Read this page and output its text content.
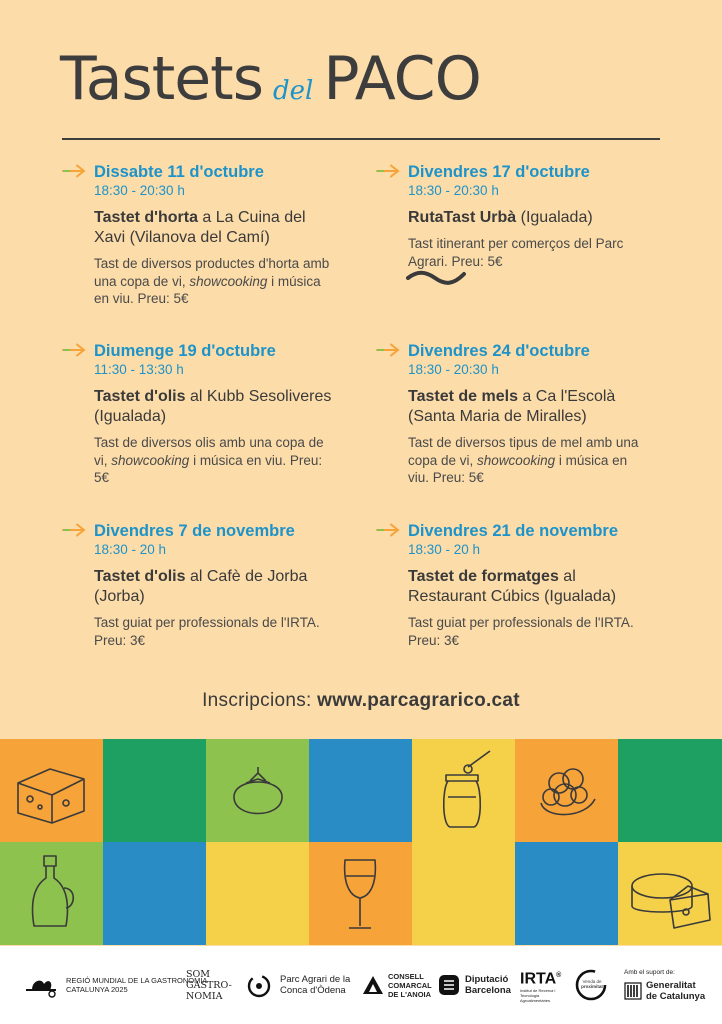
Tastets del PACO
Dissabte 11 d'octubre
18:30 - 20:30 h
Tastet d'horta a La Cuina del Xavi (Vilanova del Camí)
Tast de diversos productes d'horta amb una copa de vi, showcooking i música en viu. Preu: 5€
Divendres 17 d'octubre
18:30 - 20:30 h
RutaTast Urbà (Igualada)
Tast itinerant per comerços del Parc Agrari. Preu: 5€
Diumenge 19 d'octubre
11:30 - 13:30 h
Tastet d'olis al Kubb Sesoliveres (Igualada)
Tast de diversos olis amb una copa de vi, showcooking i música en viu. Preu: 5€
Divendres 24 d'octubre
18:30 - 20:30 h
Tastet de mels a Ca l'Escolà (Santa Maria de Miralles)
Tast de diversos tipus de mel amb una copa de vi, showcooking i música en viu. Preu: 5€
Divendres 7 de novembre
18:30 - 20 h
Tastet d'olis al Cafè de Jorba (Jorba)
Tast guiat per professionals de l'IRTA. Preu: 3€
Divendres 21 de novembre
18:30 - 20 h
Tastet de formatges al Restaurant Cúbics (Igualada)
Tast guiat per professionals de l'IRTA. Preu: 3€
Inscripcions: www.parcagrarico.cat
REGIÓ MUNDIAL DE LA GASTRONOMIA
CATALUNYA 2025
SOM
GASTRO-
NOMIA
Parc Agrari de la
Conca d'Òdena
CONSELL
COMARCAL
DE L'ANOIA
Diputació
Barcelona
IRTA®
Institut de Recerca i Tecnologia Agroalimentàries
Venda de
proximitat
Amb el suport de:
Generalitat
de Catalunya
